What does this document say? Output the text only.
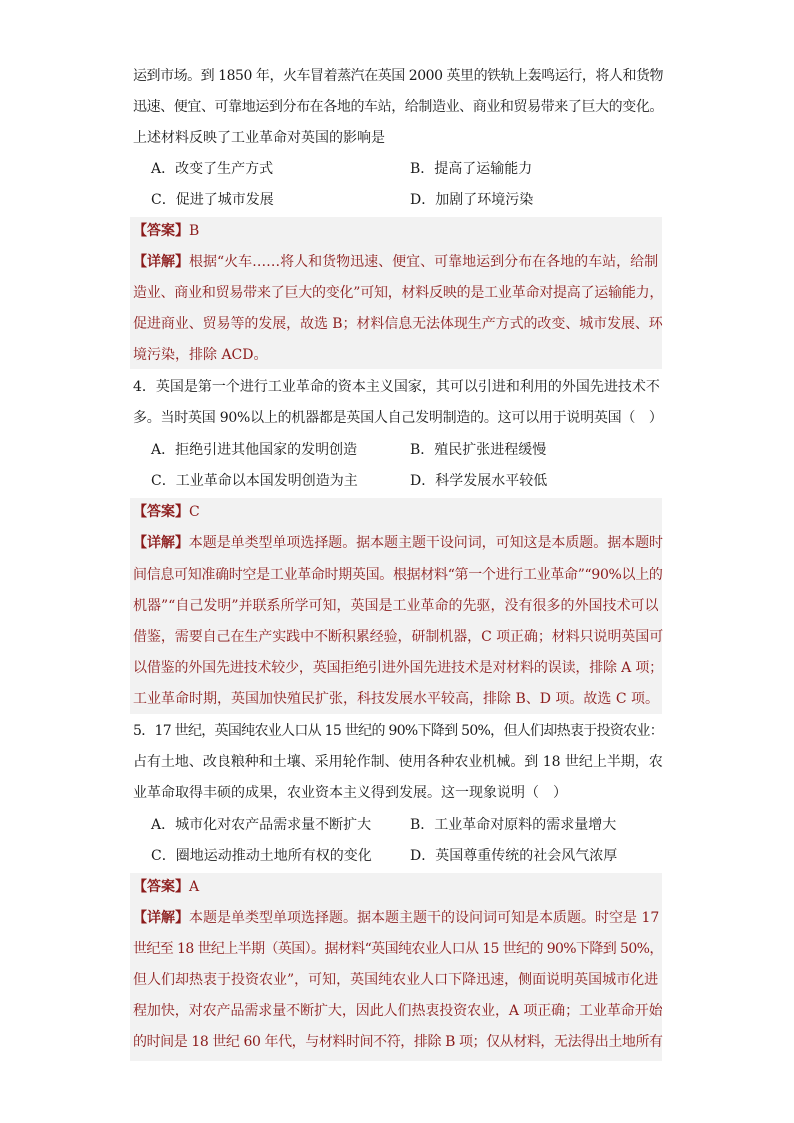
运到市场。到 1850 年，火车冒着蒸汽在英国 2000 英里的铁轨上轰鸣运行，将人和货物
迅速、便宜、可靠地运到分布在各地的车站，给制造业、商业和贸易带来了巨大的变化。
上述材料反映了工业革命对英国的影响是
A．改变了生产方式	B．提高了运输能力
C．促进了城市发展	D．加剧了环境污染
【答案】B
【详解】根据“火车……将人和货物迅速、便宜、可靠地运到分布在各地的车站，给制
造业、商业和贸易带来了巨大的变化”可知，材料反映的是工业革命对提高了运输能力，
促进商业、贸易等的发展，故选 B；材料信息无法体现生产方式的改变、城市发展、环
境污染，排除 ACD。
4．英国是第一个进行工业革命的资本主义国家，其可以引进和利用的外国先进技术不
多。当时英国 90%以上的机器都是英国人自己发明制造的。这可以用于说明英国（　）
A．拒绝引进其他国家的发明创造	B．殖民扩张进程缓慢
C．工业革命以本国发明创造为主	D．科学发展水平较低
【答案】C
【详解】本题是单类型单项选择题。据本题主题干设问词，可知这是本质题。据本题时
间信息可知准确时空是工业革命时期英国。根据材料“第一个进行工业革命”“90%以上的
机器”“自己发明”并联系所学可知，英国是工业革命的先驱，没有很多的外国技术可以
借鉴，需要自己在生产实践中不断积累经验，研制机器，C 项正确；材料只说明英国可
以借鉴的外国先进技术较少，英国拒绝引进外国先进技术是对材料的误读，排除 A 项；
工业革命时期，英国加快殖民扩张，科技发展水平较高，排除 B、D 项。故选 C 项。
5．17 世纪，英国纯农业人口从 15 世纪的 90%下降到 50%，但人们却热衷于投资农业：
占有土地、改良粮种和土壤、采用轮作制、使用各种农业机械。到 18 世纪上半期，农
业革命取得丰硕的成果，农业资本主义得到发展。这一现象说明（　）
A．城市化对农产品需求量不断扩大	B．工业革命对原料的需求量增大
C．圈地运动推动土地所有权的变化	D．英国尊重传统的社会风气浓厚
【答案】A
【详解】本题是单类型单项选择题。据本题主题干的设问词可知是本质题。时空是 17
世纪至 18 世纪上半期（英国）。据材料“英国纯农业人口从 15 世纪的 90%下降到 50%，
但人们却热衷于投资农业”，可知，英国纯农业人口下降迅速，侧面说明英国城市化进
程加快，对农产品需求量不断扩大，因此人们热衷投资农业，A 项正确；工业革命开始
的时间是 18 世纪 60 年代，与材料时间不符，排除 B 项；仅从材料，无法得出土地所有
